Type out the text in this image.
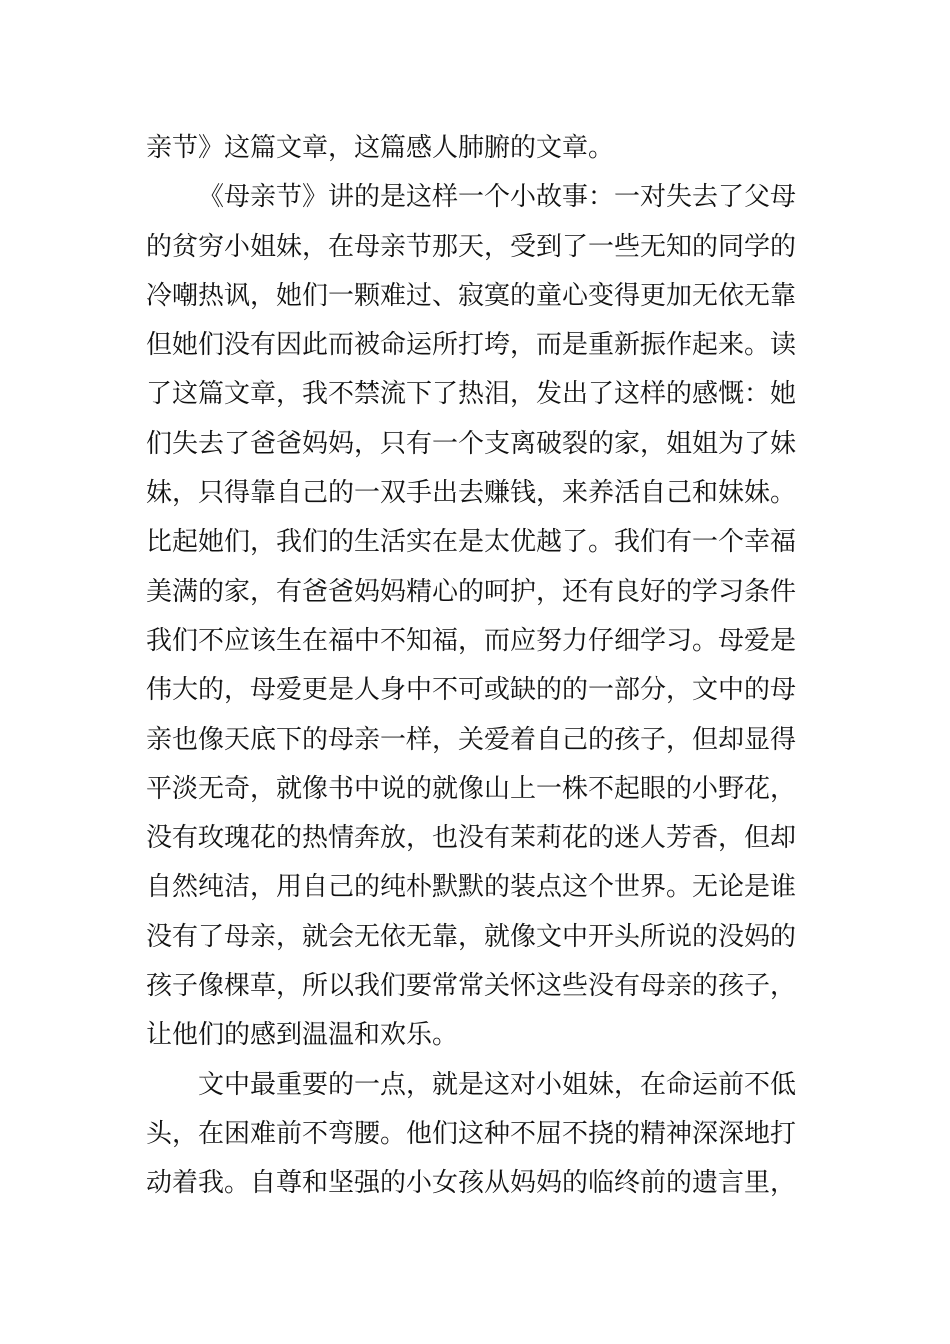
亲节》这篇文章，这篇感人肺腑的文章。
《母亲节》讲的是这样一个小故事：一对失去了父母
的贫穷小姐妹，在母亲节那天，受到了一些无知的同学的
冷嘲热讽，她们一颗难过、寂寞的童心变得更加无依无靠
但她们没有因此而被命运所打垮，而是重新振作起来。读
了这篇文章，我不禁流下了热泪，发出了这样的感慨：她
们失去了爸爸妈妈，只有一个支离破裂的家，姐姐为了妹
妹，只得靠自己的一双手出去赚钱，来养活自己和妹妹。
比起她们，我们的生活实在是太优越了。我们有一个幸福
美满的家，有爸爸妈妈精心的呵护，还有良好的学习条件
我们不应该生在福中不知福，而应努力仔细学习。母爱是
伟大的，母爱更是人身中不可或缺的的一部分，文中的母
亲也像天底下的母亲一样，关爱着自己的孩子，但却显得
平淡无奇，就像书中说的就像山上一株不起眼的小野花，
没有玫瑰花的热情奔放，也没有茉莉花的迷人芳香，但却
自然纯洁，用自己的纯朴默默的装点这个世界。无论是谁
没有了母亲，就会无依无靠，就像文中开头所说的没妈的
孩子像棵草，所以我们要常常关怀这些没有母亲的孩子，
让他们的感到温温和欢乐。
文中最重要的一点，就是这对小姐妹，在命运前不低
头，在困难前不弯腰。他们这种不屈不挠的精神深深地打
动着我。自尊和坚强的小女孩从妈妈的临终前的遗言里，
